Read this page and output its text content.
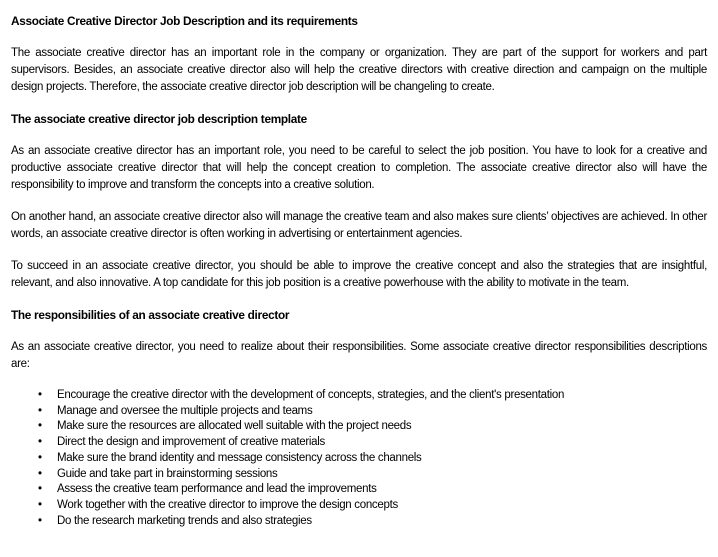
Associate Creative Director Job Description and its requirements

The associate creative director has an important role in the company or organization. They are part of the support for workers and part supervisors. Besides, an associate creative director also will help the creative directors with creative direction and campaign on the multiple design projects. Therefore, the associate creative director job description will be changeling to create.

The associate creative director job description template

As an associate creative director has an important role, you need to be careful to select the job position. You have to look for a creative and productive associate creative director that will help the concept creation to completion. The associate creative director also will have the responsibility to improve and transform the concepts into a creative solution.

On another hand, an associate creative director also will manage the creative team and also makes sure clients’ objectives are achieved. In other words, an associate creative director is often working in advertising or entertainment agencies.

To succeed in an associate creative director, you should be able to improve the creative concept and also the strategies that are insightful, relevant, and also innovative. A top candidate for this job position is a creative powerhouse with the ability to motivate in the team.

The responsibilities of an associate creative director

As an associate creative director, you need to realize about their responsibilities. Some associate creative director responsibilities descriptions are:

• Encourage the creative director with the development of concepts, strategies, and the client's presentation
• Manage and oversee the multiple projects and teams
• Make sure the resources are allocated well suitable with the project needs
• Direct the design and improvement of creative materials
• Make sure the brand identity and message consistency across the channels
• Guide and take part in brainstorming sessions
• Assess the creative team performance and lead the improvements
• Work together with the creative director to improve the design concepts
• Do the research marketing trends and also strategies
